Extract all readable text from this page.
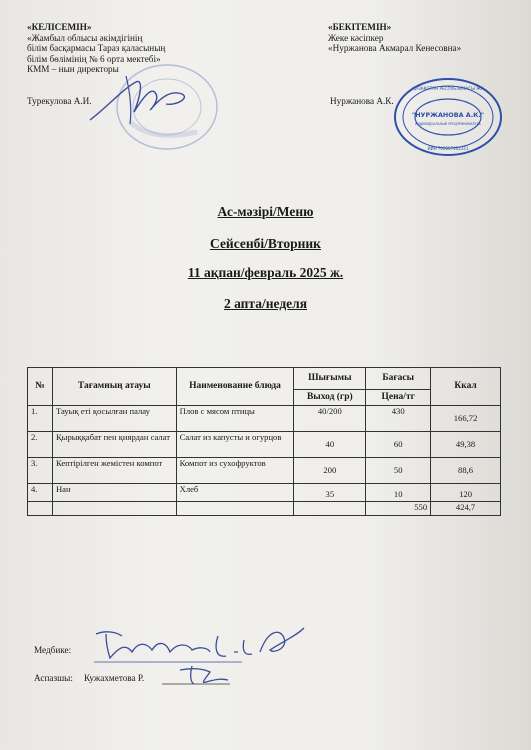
«КЕЛІСЕМІН»
«Жамбыл облысы әкімдігінің
білім басқармасы Тараз қаласының
білім бөлімінің № 6 орта мектебі»
КММ – нын директоры
Турекулова А.И.
«БЕКІТЕМІН»
Жеке кәсіпкер
«Нуржанова Акмарал Кенесовна»
Нуржанова А.К.
ҚАЗАҚСТАН РЕСПУБЛИКАСЫ ЖК
"НУРЖАНОВА А.К."
ИНДИВИДУАЛЬНЫЙ ПРЕДПРИНИМАТЕЛЬ
ИИН 700607402321
Ас-мәзірі/Меню
Сейсенбі/Вторник
11 ақпан/февраль 2025 ж.
2 апта/неделя
№	Тағамның атауы	Наименование блюда	Шығымы	Бағасы	Ккал
			Выход (гр)	Цена/тг	
1.	Тауық еті қосылған палау	Плов с мясом птицы	40/200	430	166,72
2.	Қырыққабат пен қиярдан салат	Салат из капусты и огурцов	40	60	49,38
3.	Кептірілген жемістен компот	Компот из сухофруктов	200	50	88,6
4.	Нан	Хлеб	35	10	120
				550	424,7
Медбике:
Аспазшы: Кужахметова Р.
